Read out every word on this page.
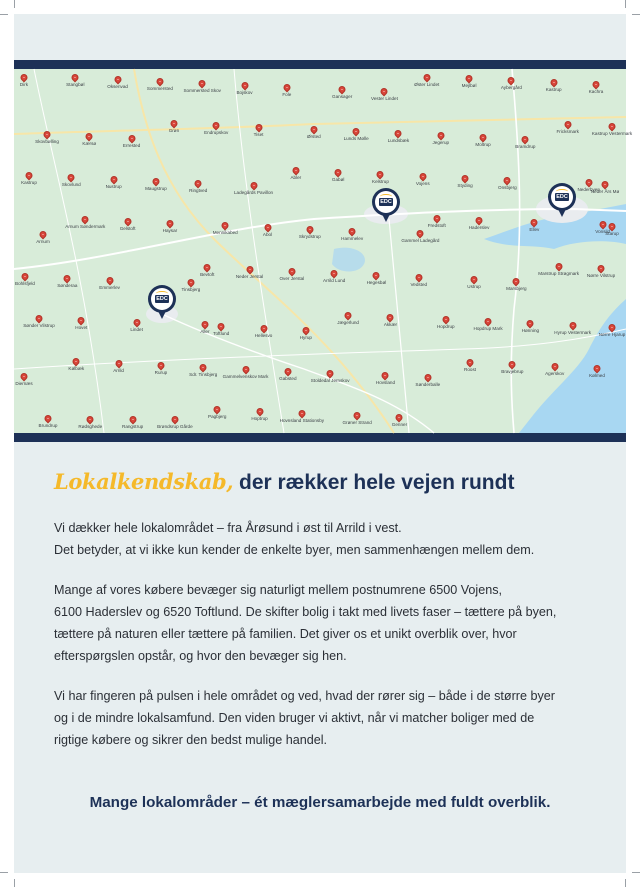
Dirk	Stangbøl	Oksenvad	Sommersted Sommersted Skov	Bojskov	Fole	Gansager	Vester Lindet
Øster Lindet	Mejlbøl	Aybergård	Kastrup	Kachra
Skovbølling	Kærsø	Errested
Grøn	Endrupskov	Tiset	Ørsted	Lunds Mølle	Lundsbæk	Jegerup	Moltrup	Bramdrup
Fricksmark	Kastrup Vestermark
Kastrup	Skovlund	Nustrup	Maugstrup	Ringtved	Ladegårds Pavillon
Abler	Gabøl	Kelstrup	Vojens	Styding	Onsbjerg	Nederbyen
Neder Års Mø
Arnum
Arnum Søndermark	Gelstoft	Haysar	Mennikabed	Abol	Skrydstrup	Hammelev	Gammel Ladegård
Fredstoft	Haderslev	Ellev	Vonsild
Starup
Bohlsfjeld	Sønderaa	Emmerlev	Tinsbjerg
Bevtoft	Neder Jerstal	Over Jerstal	Arrild Lund	Hegesbøl	Vedsted	Ustrup	Marsbjerg
Marstrup Strøgmark Nørre Vilstrup
Sønder Vilstrup	Hovet	Lindet	Aller Toftlund	Hellesvo	Hyrup
Jægerlund	Akkær	Hopdrup	Hopdrup Mark	Hønning	Hyrup Vestermark Nørre Hjarup
Diernæs
Kølbæk	Arrild	Rurup	Sdr. Tinsbjerg Gammelvenskov Mark Gabsted	Stoldedal Jernskov	Hovsland	Sønderballe
Roost	Bravjebrup	Agerskov	Kølmed
Brundrup	Rødsghede	Rangstrup	Brøndsrup Gårde
Pagbjerg	Hoptrup	Hovnsland Stationsby	Grøner Strand	Genner
EDC
EDC
EDC
Lokalkendskab, der rækker hele vejen rundt
Vi dækker hele lokalområdet – fra Årøsund i øst til Arrild i vest.
Det betyder, at vi ikke kun kender de enkelte byer, men sammenhængen mellem dem.
Mange af vores købere bevæger sig naturligt mellem postnumrene 6500 Vojens,
6100 Haderslev og 6520 Toftlund. De skifter bolig i takt med livets faser – tættere på byen,
tættere på naturen eller tættere på familien. Det giver os et unikt overblik over, hvor
efterspørgslen opstår, og hvor den bevæger sig hen.
Vi har fingeren på pulsen i hele området og ved, hvad der rører sig – både i de større byer
og i de mindre lokalsamfund. Den viden bruger vi aktivt, når vi matcher boliger med de
rigtige købere og sikrer den bedst mulige handel.

Mange lokalområder – ét mæglersamarbejde med fuldt overblik.
